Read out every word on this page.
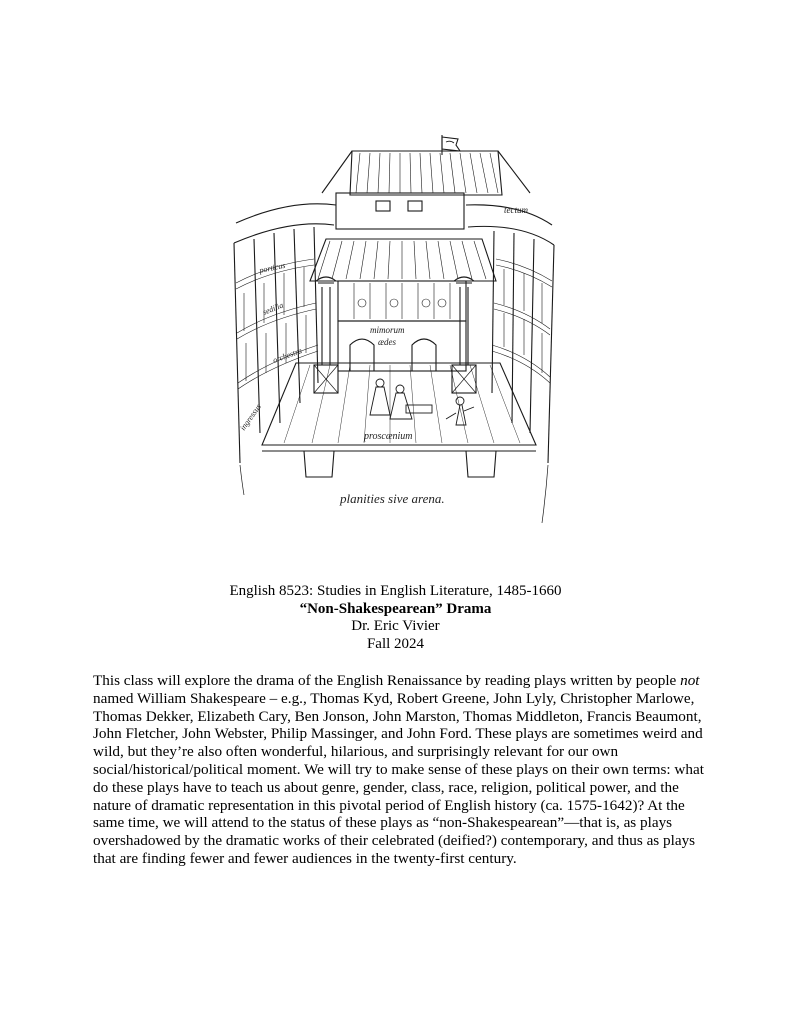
tectum
porticus
sedilia
orchestra
ingressus
mimorum
ædes
proscænium
planities sive arena.
English 8523: Studies in English Literature, 1485-1660
“Non-Shakespearean” Drama
Dr. Eric Vivier
Fall 2024

This class will explore the drama of the English Renaissance by reading plays written by people not named William Shakespeare – e.g., Thomas Kyd, Robert Greene, John Lyly, Christopher Marlowe, Thomas Dekker, Elizabeth Cary, Ben Jonson, John Marston, Thomas Middleton, Francis Beaumont, John Fletcher, John Webster, Philip Massinger, and John Ford. These plays are sometimes weird and wild, but they’re also often wonderful, hilarious, and surprisingly relevant for our own social/historical/political moment. We will try to make sense of these plays on their own terms: what do these plays have to teach us about genre, gender, class, race, religion, political power, and the nature of dramatic representation in this pivotal period of English history (ca. 1575-1642)? At the same time, we will attend to the status of these plays as “non-Shakespearean”—that is, as plays overshadowed by the dramatic works of their celebrated (deified?) contemporary, and thus as plays that are finding fewer and fewer audiences in the twenty-first century.
